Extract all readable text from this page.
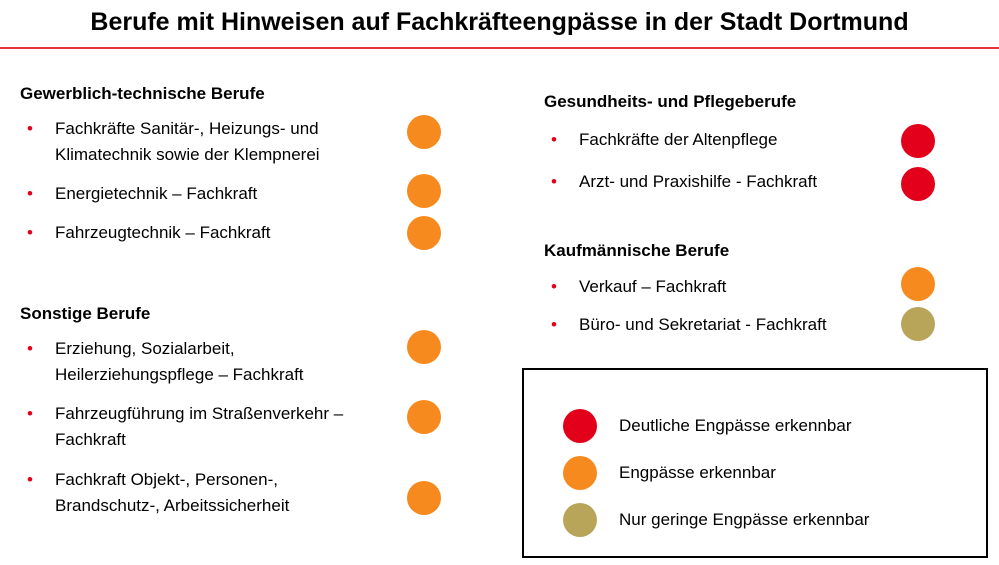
Berufe mit Hinweisen auf Fachkräfteengpässe in der Stadt Dortmund
Gewerblich-technische Berufe
• Fachkräfte Sanitär-, Heizungs- und
Klimatechnik sowie der Klempnerei
• Energietechnik – Fachkraft
• Fahrzeugtechnik – Fachkraft
Sonstige Berufe
• Erziehung, Sozialarbeit,
Heilerziehungspflege – Fachkraft
• Fahrzeugführung im Straßenverkehr –
Fachkraft
• Fachkraft Objekt-, Personen-,
Brandschutz-, Arbeitssicherheit
Gesundheits- und Pflegeberufe
• Fachkräfte der Altenpflege
• Arzt- und Praxishilfe - Fachkraft
Kaufmännische Berufe
• Verkauf – Fachkraft
• Büro- und Sekretariat - Fachkraft
Deutliche Engpässe erkennbar
Engpässe erkennbar
Nur geringe Engpässe erkennbar
